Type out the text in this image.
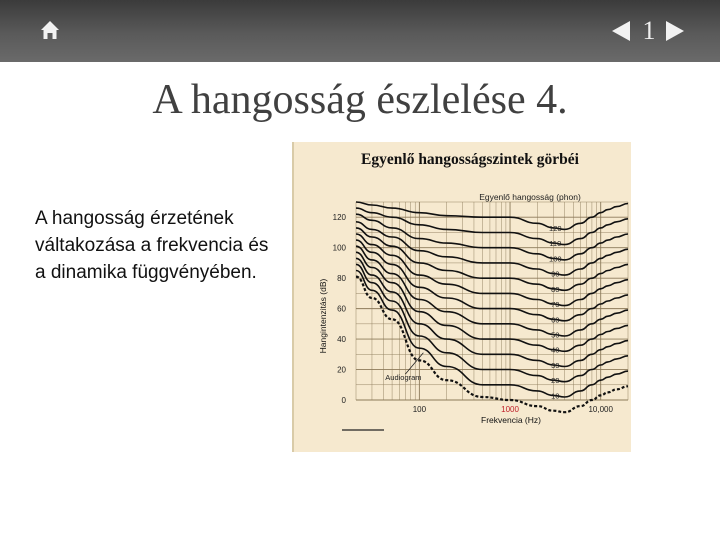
1
A hangosság észlelése 4.
A hangosság érzetének váltakozása a frekvencia és a dinamika függvényében.
Egyenlő hangosságszintek görbéi
Egyenlő hangosság (phon)
Hangintenzitás (dB)
Frekvencia (Hz)
0
20
40
60
80
100
120
100	1000	10,000
120
110
100
90
80
70
60
50
40
30
20
10
Audiogram
